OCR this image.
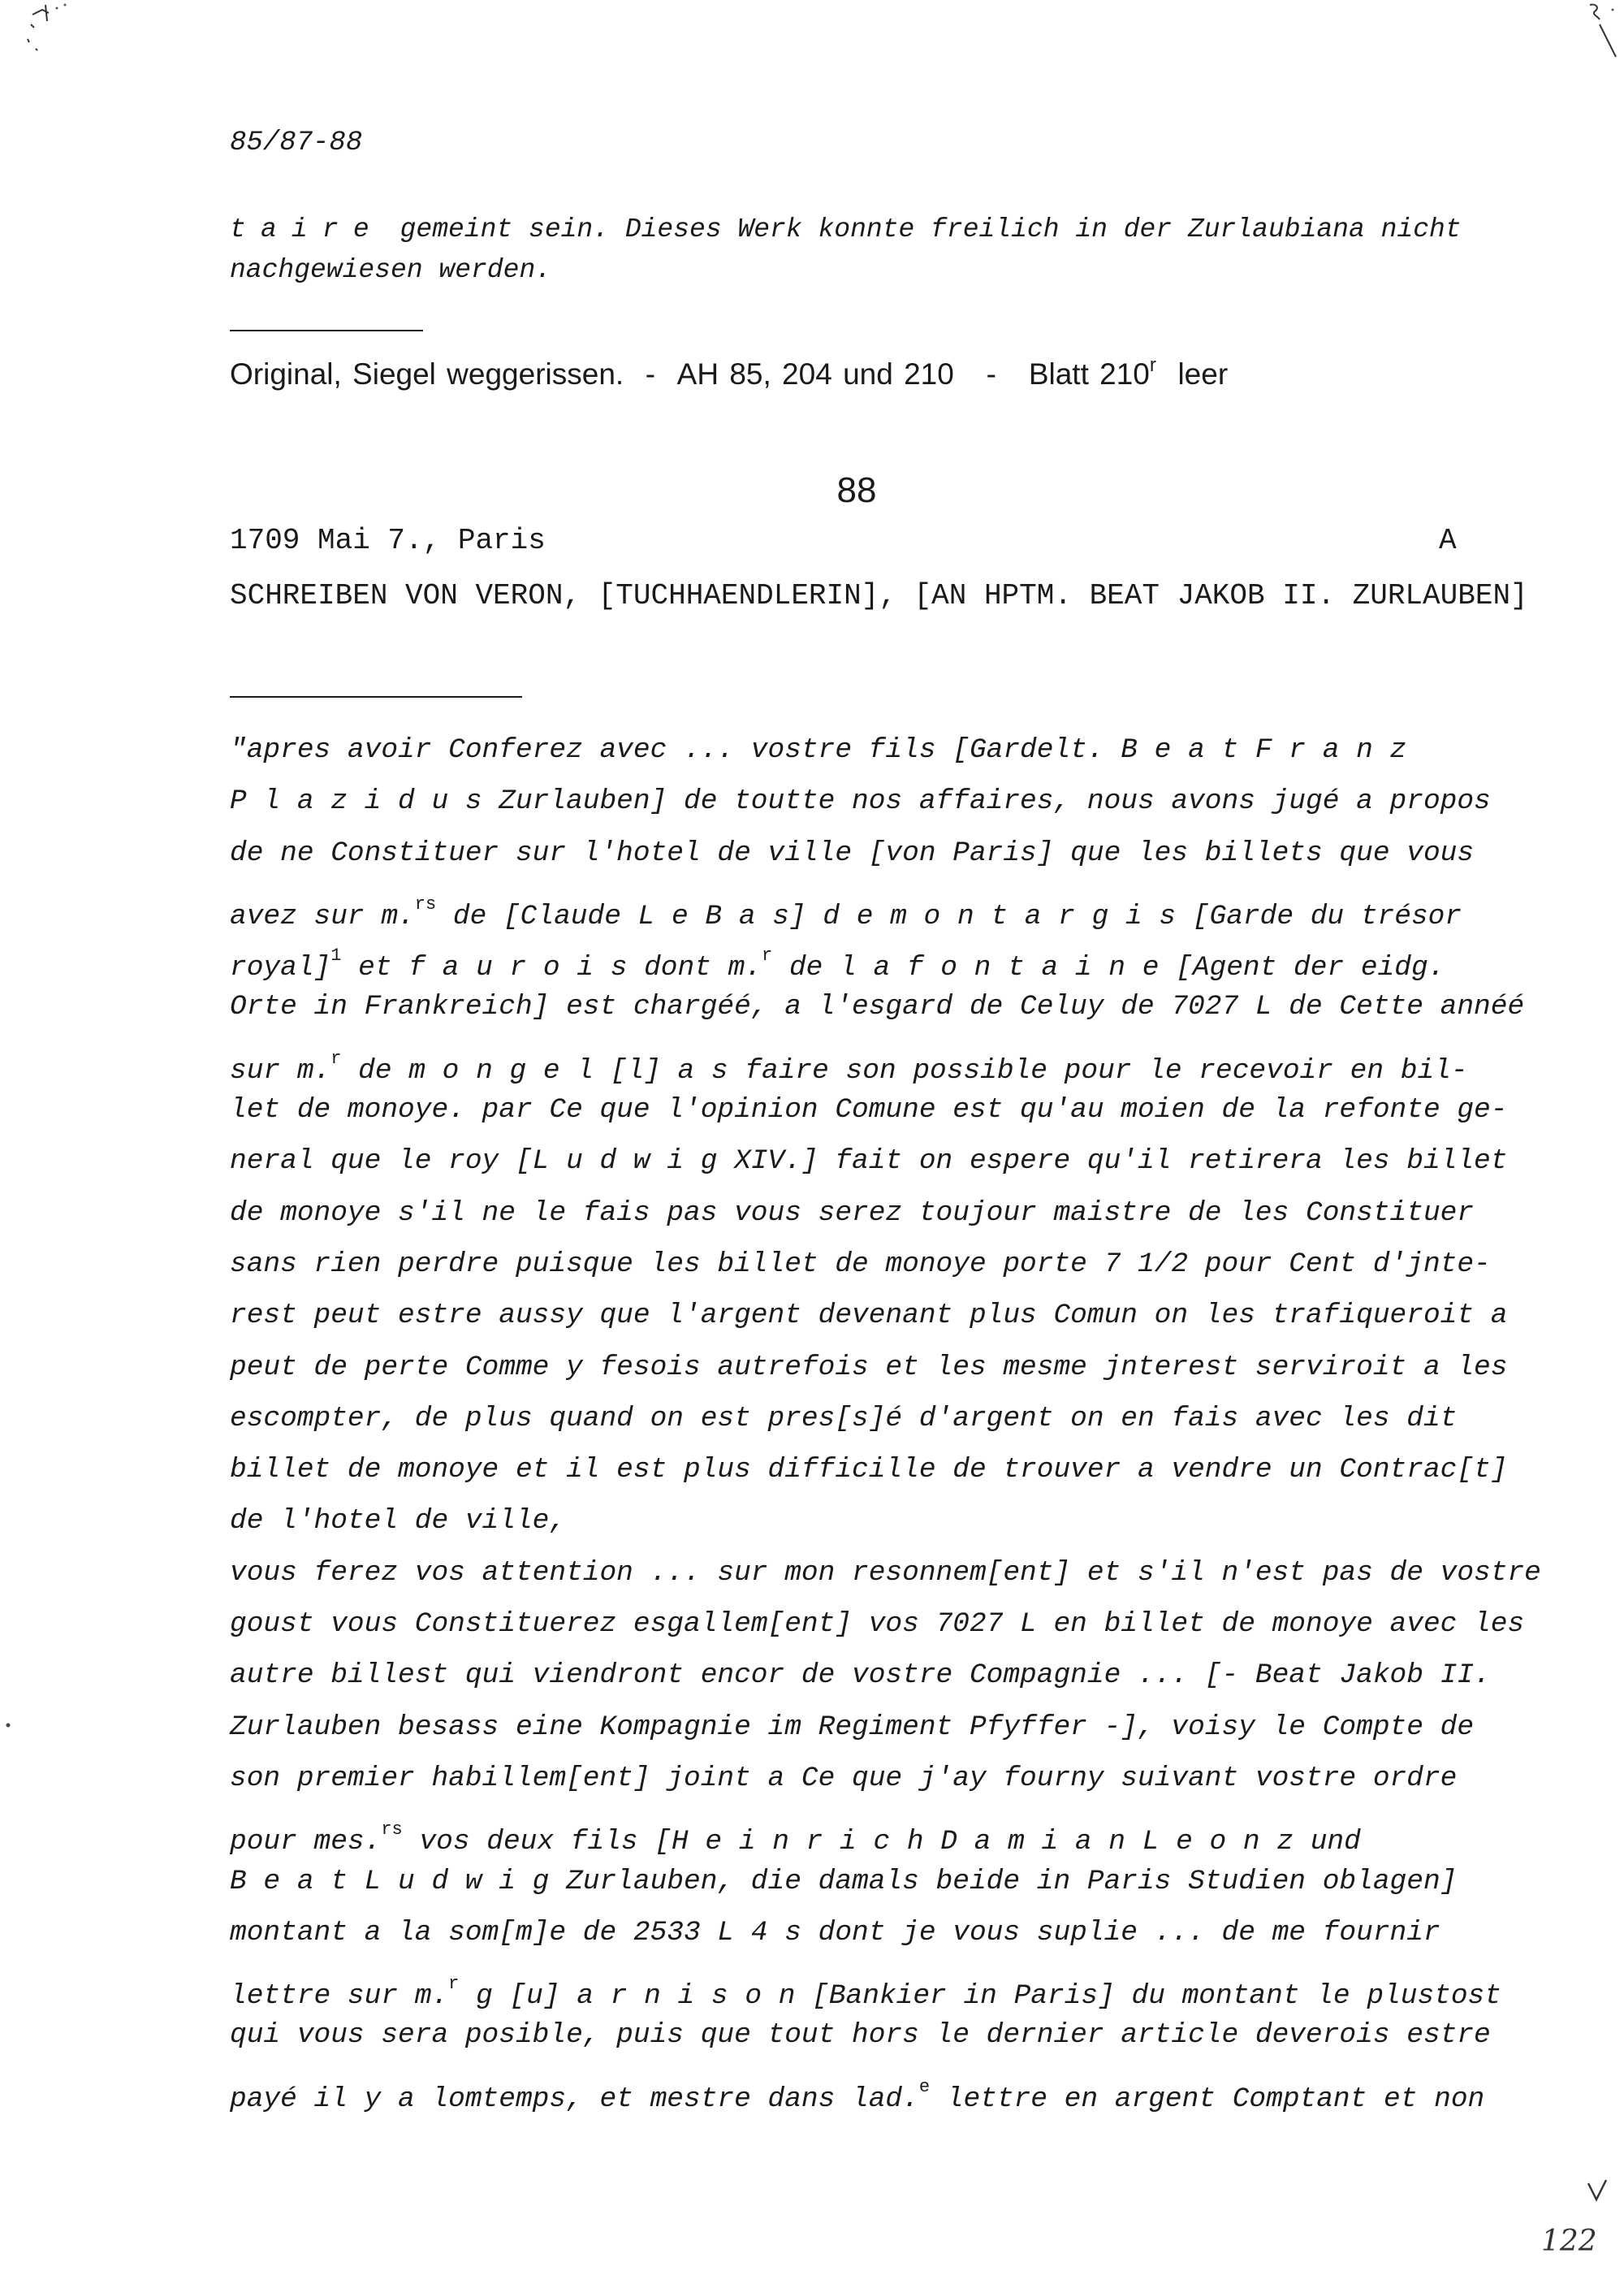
85/87-88

taire gemeint sein. Dieses Werk konnte freilich in der Zurlaubiana nicht
nachgewiesen werden.

Original, Siegel weggerissen. - AH 85, 204 und 210 - Blatt 210$^r$ leer
88
1709 Mai 7., Paris	A

SCHREIBEN VON VERON, [TUCHHAENDLERIN], [AN HPTM. BEAT JAKOB II. ZURLAUBEN]

"apres avoir Conferez avec ... vostre fils [Gardelt. B e a t F r a n z
P l a z i d u s Zurlauben] de toutte nos affaires, nous avons jugé a propos
de ne Constituer sur l'hotel de ville [von Paris] que les billets que vous
avez sur m.$^{rs}$ de [Claude L e B a s] d e m o n t a r g i s [Garde du trésor
royal]$^1$ et f a u r o i s dont m.$^r$ de l a f o n t a i n e [Agent der eidg.
Orte in Frankreich] est chargéé, a l'esgard de Celuy de 7027 L de Cette annéé
sur m.$^r$ de m o n g e l [l] a s faire son possible pour le recevoir en bil-
let de monoye. par Ce que l'opinion Comune est qu'au moien de la refonte ge-
neral que le roy [L u d w i g XIV.] fait on espere qu'il retirera les billet
de monoye s'il ne le fais pas vous serez toujour maistre de les Constituer
sans rien perdre puisque les billet de monoye porte 7 1/2 pour Cent d'jnte-
rest peut estre aussy que l'argent devenant plus Comun on les trafiqueroit a
peut de perte Comme y fesois autrefois et les mesme jnterest serviroit a les
escompter, de plus quand on est pres[s]é d'argent on en fais avec les dit
billet de monoye et il est plus difficille de trouver a vendre un Contrac[t]
de l'hotel de ville,
vous ferez vos attention ... sur mon resonnem[ent] et s'il n'est pas de vostre
goust vous Constituerez esgallem[ent] vos 7027 L en billet de monoye avec les
autre billest qui viendront encor de vostre Compagnie ... [- Beat Jakob II.
Zurlauben besass eine Kompagnie im Regiment Pfyffer -], voisy le Compte de
son premier habillem[ent] joint a Ce que j'ay fourny suivant vostre ordre
pour mes.$^{rs}$ vos deux fils [H e i n r i c h D a m i a n L e o n z und
B e a t L u d w i g Zurlauben, die damals beide in Paris Studien oblagen]
montant a la som[m]e de 2533 L 4 s dont je vous suplie ... de me fournir
lettre sur m.$^r$ g [u] a r n i s o n [Bankier in Paris] du montant le plustost
qui vous sera posible, puis que tout hors le dernier article deverois estre
payé il y a lomtemps, et mestre dans lad.$^e$ lettre en argent Comptant et non
122
